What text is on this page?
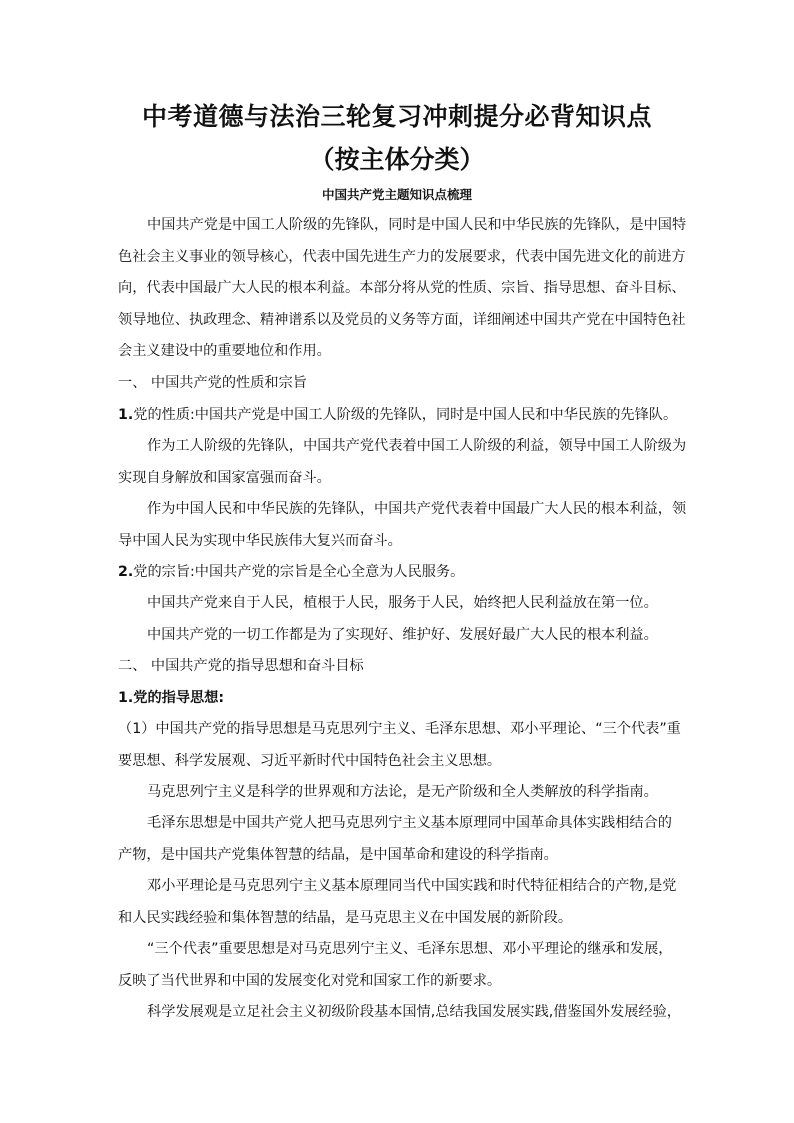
中考道德与法治三轮复习冲刺提分必背知识点
（按主体分类）
中国共产党主题知识点梳理
中国共产党是中国工人阶级的先锋队，同时是中国人民和中华民族的先锋队，是中国特
色社会主义事业的领导核心，代表中国先进生产力的发展要求，代表中国先进文化的前进方
向，代表中国最广大人民的根本利益。本部分将从党的性质、宗旨、指导思想、奋斗目标、
领导地位、执政理念、精神谱系以及党员的义务等方面，详细阐述中国共产党在中国特色社
会主义建设中的重要地位和作用。
一、 中国共产党的性质和宗旨
1.党的性质:中国共产党是中国工人阶级的先锋队，同时是中国人民和中华民族的先锋队。
作为工人阶级的先锋队，中国共产党代表着中国工人阶级的利益，领导中国工人阶级为
实现自身解放和国家富强而奋斗。
作为中国人民和中华民族的先锋队，中国共产党代表着中国最广大人民的根本利益，领
导中国人民为实现中华民族伟大复兴而奋斗。
2.党的宗旨:中国共产党的宗旨是全心全意为人民服务。
中国共产党来自于人民，植根于人民，服务于人民，始终把人民利益放在第一位。
中国共产党的一切工作都是为了实现好、维护好、发展好最广大人民的根本利益。
二、 中国共产党的指导思想和奋斗目标
1.党的指导思想:
（1）中国共产党的指导思想是马克思列宁主义、毛泽东思想、邓小平理论、“三个代表”重
要思想、科学发展观、习近平新时代中国特色社会主义思想。
马克思列宁主义是科学的世界观和方法论，是无产阶级和全人类解放的科学指南。
毛泽东思想是中国共产党人把马克思列宁主义基本原理同中国革命具体实践相结合的
产物，是中国共产党集体智慧的结晶，是中国革命和建设的科学指南。
邓小平理论是马克思列宁主义基本原理同当代中国实践和时代特征相结合的产物,是党
和人民实践经验和集体智慧的结晶，是马克思主义在中国发展的新阶段。
“三个代表”重要思想是对马克思列宁主义、毛泽东思想、邓小平理论的继承和发展，
反映了当代世界和中国的发展变化对党和国家工作的新要求。
科学发展观是立足社会主义初级阶段基本国情,总结我国发展实践,借鉴国外发展经验，
